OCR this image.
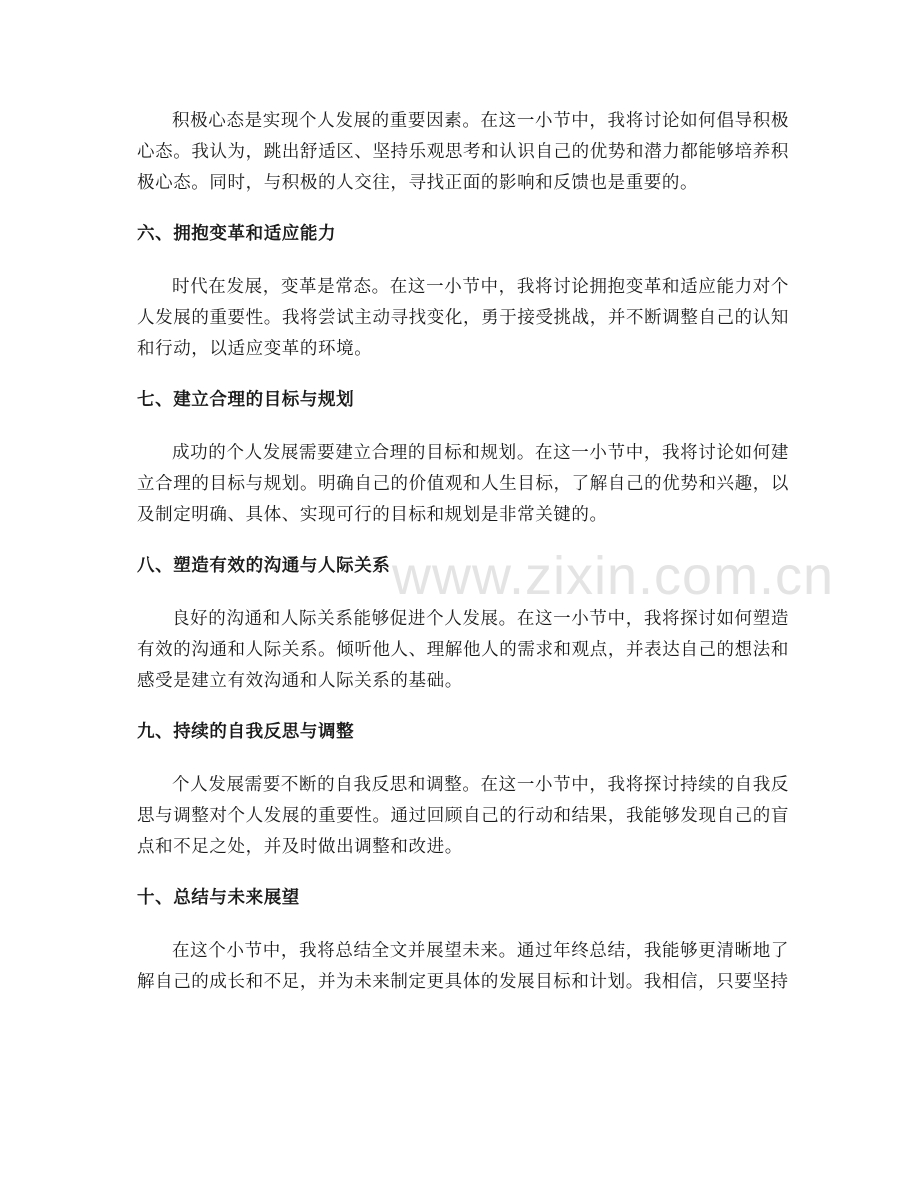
积极心态是实现个人发展的重要因素。在这一小节中，我将讨论如何倡导积极心态。我认为，跳出舒适区、坚持乐观思考和认识自己的优势和潜力都能够培养积极心态。同时，与积极的人交往，寻找正面的影响和反馈也是重要的。

六、拥抱变革和适应能力

时代在发展，变革是常态。在这一小节中，我将讨论拥抱变革和适应能力对个人发展的重要性。我将尝试主动寻找变化，勇于接受挑战，并不断调整自己的认知和行动，以适应变革的环境。

七、建立合理的目标与规划

成功的个人发展需要建立合理的目标和规划。在这一小节中，我将讨论如何建立合理的目标与规划。明确自己的价值观和人生目标，了解自己的优势和兴趣，以及制定明确、具体、实现可行的目标和规划是非常关键的。

八、塑造有效的沟通与人际关系

良好的沟通和人际关系能够促进个人发展。在这一小节中，我将探讨如何塑造有效的沟通和人际关系。倾听他人、理解他人的需求和观点，并表达自己的想法和感受是建立有效沟通和人际关系的基础。

九、持续的自我反思与调整

个人发展需要不断的自我反思和调整。在这一小节中，我将探讨持续的自我反思与调整对个人发展的重要性。通过回顾自己的行动和结果，我能够发现自己的盲点和不足之处，并及时做出调整和改进。

十、总结与未来展望

在这个小节中，我将总结全文并展望未来。通过年终总结，我能够更清晰地了解自己的成长和不足，并为未来制定更具体的发展目标和计划。我相信，只要坚持

www.zixin.com.cn
